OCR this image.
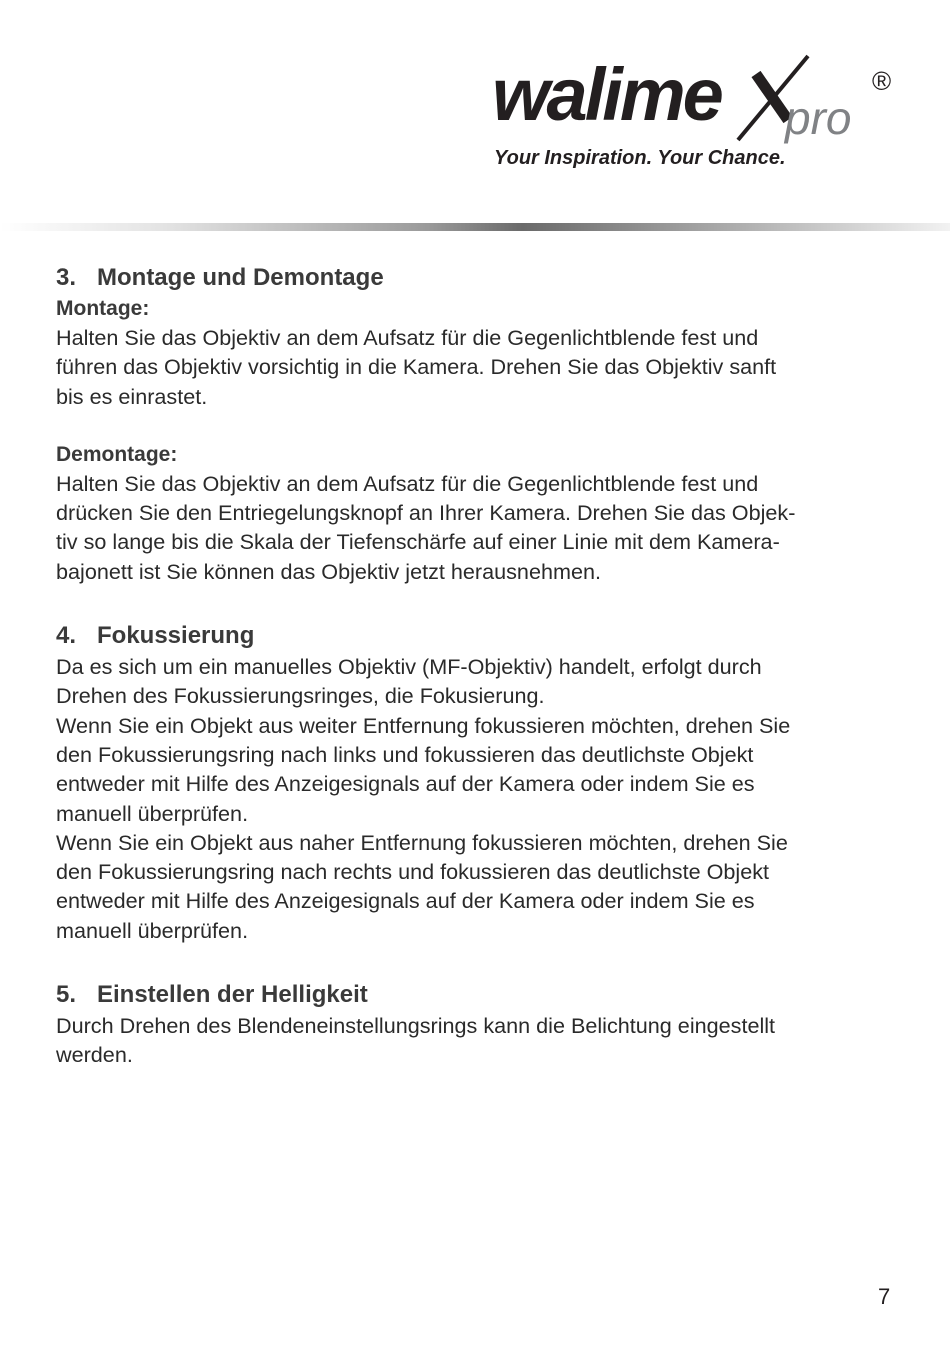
walime pro
®

Your Inspiration. Your Chance.

3. Montage und Demontage
Montage:

Halten Sie das Objektiv an dem Aufsatz für die Gegenlichtblende fest und
führen das Objektiv vorsichtig in die Kamera. Drehen Sie das Objektiv sanft
bis es einrastet.

Demontage:

Halten Sie das Objektiv an dem Aufsatz für die Gegenlichtblende fest und
drücken Sie den Entriegelungsknopf an Ihrer Kamera. Drehen Sie das Objek-
tiv so lange bis die Skala der Tiefenschärfe auf einer Linie mit dem Kamera-
bajonett ist Sie können das Objektiv jetzt herausnehmen.

4. Fokussierung

Da es sich um ein manuelles Objektiv (MF-Objektiv) handelt, erfolgt durch
Drehen des Fokussierungsringes, die Fokusierung.
Wenn Sie ein Objekt aus weiter Entfernung fokussieren möchten, drehen Sie
den Fokussierungsring nach links und fokussieren das deutlichste Objekt
entweder mit Hilfe des Anzeigesignals auf der Kamera oder indem Sie es
manuell überprüfen.
Wenn Sie ein Objekt aus naher Entfernung fokussieren möchten, drehen Sie
den Fokussierungsring nach rechts und fokussieren das deutlichste Objekt
entweder mit Hilfe des Anzeigesignals auf der Kamera oder indem Sie es
manuell überprüfen.

5. Einstellen der Helligkeit

Durch Drehen des Blendeneinstellungsrings kann die Belichtung eingestellt
werden.

7
